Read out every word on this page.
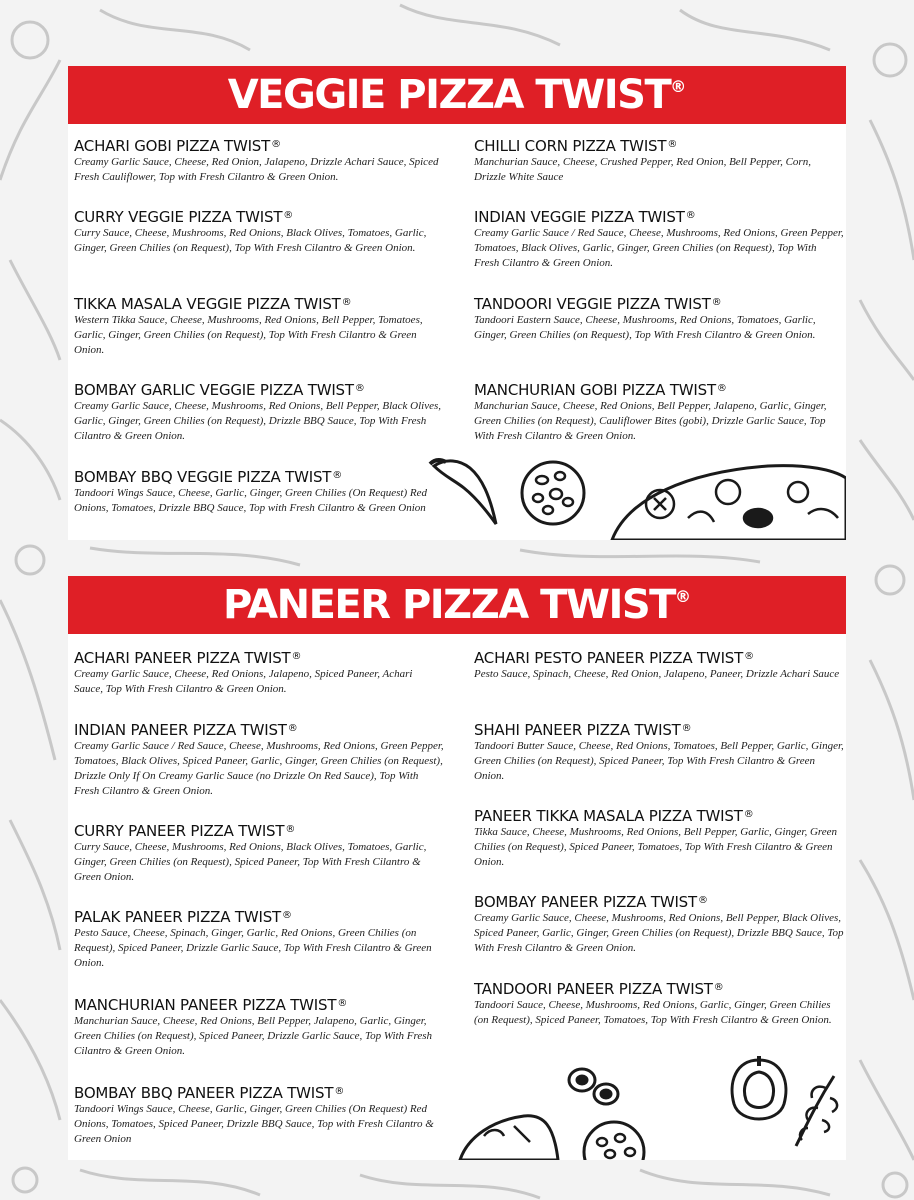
VEGGIE PIZZA TWIST®
ACHARI GOBI PIZZA TWIST®
Creamy Garlic Sauce, Cheese, Red Onion, Jalapeno, Drizzle Achari Sauce, Spiced Fresh Cauliflower, Top with Fresh Cilantro & Green Onion.
CHILLI CORN PIZZA TWIST®
Manchurian Sauce, Cheese, Crushed Pepper, Red Onion, Bell Pepper, Corn, Drizzle White Sauce
CURRY VEGGIE PIZZA TWIST®
Curry Sauce, Cheese, Mushrooms, Red Onions, Black Olives, Tomatoes, Garlic, Ginger, Green Chilies (on Request), Top With Fresh Cilantro & Green Onion.
INDIAN VEGGIE PIZZA TWIST®
Creamy Garlic Sauce / Red Sauce, Cheese, Mushrooms, Red Onions, Green Pepper, Tomatoes, Black Olives, Garlic, Ginger, Green Chilies (on Request), Top With Fresh Cilantro & Green Onion.
TIKKA MASALA VEGGIE PIZZA TWIST®
Western Tikka Sauce, Cheese, Mushrooms, Red Onions, Bell Pepper, Tomatoes, Garlic, Ginger, Green Chilies (on Request), Top With Fresh Cilantro & Green Onion.
TANDOORI VEGGIE PIZZA TWIST®
Tandoori Eastern Sauce, Cheese, Mushrooms, Red Onions, Tomatoes, Garlic, Ginger, Green Chilies (on Request), Top With Fresh Cilantro & Green Onion.
BOMBAY GARLIC VEGGIE PIZZA TWIST®
Creamy Garlic Sauce, Cheese, Mushrooms, Red Onions, Bell Pepper, Black Olives, Garlic, Ginger, Green Chilies (on Request), Drizzle BBQ Sauce, Top With Fresh Cilantro & Green Onion.
MANCHURIAN GOBI PIZZA TWIST®
Manchurian Sauce, Cheese, Red Onions, Bell Pepper, Jalapeno, Garlic, Ginger, Green Chilies (on Request), Cauliflower Bites (gobi), Drizzle Garlic Sauce, Top With Fresh Cilantro & Green Onion.
BOMBAY BBQ VEGGIE PIZZA TWIST®
Tandoori Wings Sauce, Cheese, Garlic, Ginger, Green Chilies (On Request) Red Onions, Tomatoes, Drizzle BBQ Sauce, Top with Fresh Cilantro & Green Onion
PANEER PIZZA TWIST®
ACHARI PANEER PIZZA TWIST®
Creamy Garlic Sauce, Cheese, Red Onions, Jalapeno, Spiced Paneer, Achari Sauce, Top With Fresh Cilantro & Green Onion.
ACHARI PESTO PANEER PIZZA TWIST®
Pesto Sauce, Spinach, Cheese, Red Onion, Jalapeno, Paneer, Drizzle Achari Sauce
INDIAN PANEER PIZZA TWIST®
Creamy Garlic Sauce / Red Sauce, Cheese, Mushrooms, Red Onions, Green Pepper, Tomatoes, Black Olives, Spiced Paneer, Garlic, Ginger, Green Chilies (on Request), Drizzle Only If On Creamy Garlic Sauce (no Drizzle On Red Sauce), Top With Fresh Cilantro & Green Onion.
SHAHI PANEER PIZZA TWIST®
Tandoori Butter Sauce, Cheese, Red Onions, Tomatoes, Bell Pepper, Garlic, Ginger, Green Chilies (on Request), Spiced Paneer, Top With Fresh Cilantro & Green Onion.
CURRY PANEER PIZZA TWIST®
Curry Sauce, Cheese, Mushrooms, Red Onions, Black Olives, Tomatoes, Garlic, Ginger, Green Chilies (on Request), Spiced Paneer, Top With Fresh Cilantro & Green Onion.
PANEER TIKKA MASALA PIZZA TWIST®
Tikka Sauce, Cheese, Mushrooms, Red Onions, Bell Pepper, Garlic, Ginger, Green Chilies (on Request), Spiced Paneer, Tomatoes, Top With Fresh Cilantro & Green Onion.
PALAK PANEER PIZZA TWIST®
Pesto Sauce, Cheese, Spinach, Ginger, Garlic, Red Onions, Green Chilies (on Request), Spiced Paneer, Drizzle Garlic Sauce, Top With Fresh Cilantro & Green Onion.
BOMBAY PANEER PIZZA TWIST®
Creamy Garlic Sauce, Cheese, Mushrooms, Red Onions, Bell Pepper, Black Olives, Spiced Paneer, Garlic, Ginger, Green Chilies (on Request), Drizzle BBQ Sauce, Top With Fresh Cilantro & Green Onion.
MANCHURIAN PANEER PIZZA TWIST®
Manchurian Sauce, Cheese, Red Onions, Bell Pepper, Jalapeno, Garlic, Ginger, Green Chilies (on Request), Spiced Paneer, Drizzle Garlic Sauce, Top With Fresh Cilantro & Green Onion.
TANDOORI PANEER PIZZA TWIST®
Tandoori Sauce, Cheese, Mushrooms, Red Onions, Garlic, Ginger, Green Chilies (on Request), Spiced Paneer, Tomatoes, Top With Fresh Cilantro & Green Onion.
BOMBAY BBQ PANEER PIZZA TWIST®
Tandoori Wings Sauce, Cheese, Garlic, Ginger, Green Chilies (On Request) Red Onions, Tomatoes, Spiced Paneer, Drizzle BBQ Sauce, Top with Fresh Cilantro & Green Onion
